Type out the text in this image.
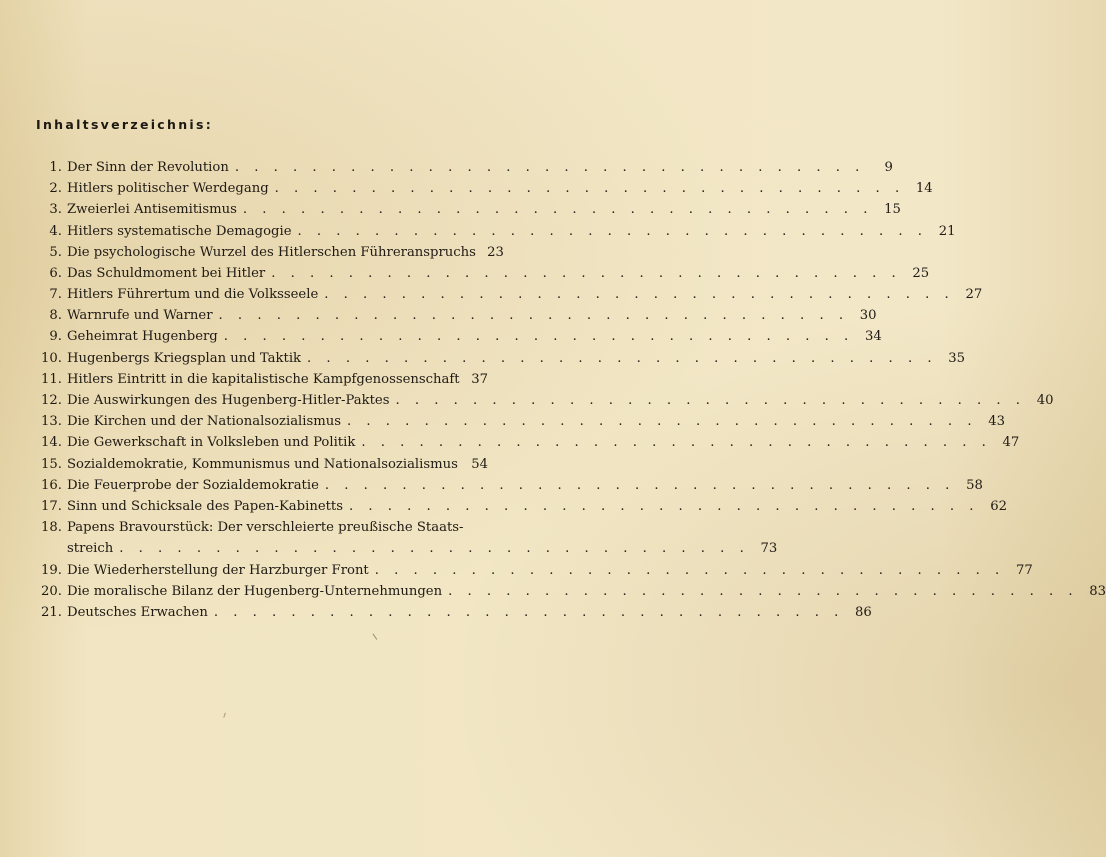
Inhaltsverzeichnis:
1. Der Sinn der Revolution . . . . . . . . . . . . . . . . . . . . . . . . . . . . . . . . .	9
2. Hitlers politischer Werdegang . . . . . . . . . . . . . . . . . . . . . . . . . . . . . . . . . 14
3. Zweierlei Antisemitismus . . . . . . . . . . . . . . . . . . . . . . . . . . . . . . . . . 15
4. Hitlers systematische Demagogie . . . . . . . . . . . . . . . . . . . . . . . . . . . . . . . . . 21
5. Die psychologische Wurzel des Hitlerschen Führeranspruchs 23
6. Das Schuldmoment bei Hitler . . . . . . . . . . . . . . . . . . . . . . . . . . . . . . . . . 25
7. Hitlers Führertum und die Volksseele . . . . . . . . . . . . . . . . . . . . . . . . . . . . . . . . . 27
8. Warnrufe und Warner . . . . . . . . . . . . . . . . . . . . . . . . . . . . . . . . . 30
9. Geheimrat Hugenberg . . . . . . . . . . . . . . . . . . . . . . . . . . . . . . . . . 34
10. Hugenbergs Kriegsplan und Taktik . . . . . . . . . . . . . . . . . . . . . . . . . . . . . . . . . 35
11. Hitlers Eintritt in die kapitalistische Kampfgenossenschaft 37
12. Die Auswirkungen des Hugenberg-Hitler-Paktes . . . . . . . . . . . . . . . . . . . . . . . . . . . . . . . . . 40
13. Die Kirchen und der Nationalsozialismus . . . . . . . . . . . . . . . . . . . . . . . . . . . . . . . . . 43
14. Die Gewerkschaft in Volksleben und Politik . . . . . . . . . . . . . . . . . . . . . . . . . . . . . . . . . 47
15. Sozialdemokratie, Kommunismus und Nationalsozialismus	54
16. Die Feuerprobe der Sozialdemokratie . . . . . . . . . . . . . . . . . . . . . . . . . . . . . . . . . 58
17. Sinn und Schicksale des Papen-Kabinetts . . . . . . . . . . . . . . . . . . . . . . . . . . . . . . . . . 62
18. Papens Bravourstück: Der verschleierte preußische Staats-
streich . . . . . . . . . . . . . . . . . . . . . . . . . . . . . . . . . 73
19. Die Wiederherstellung der Harzburger Front . . . . . . . . . . . . . . . . . . . . . . . . . . . . . . . . . 77
20. Die moralische Bilanz der Hugenberg-Unternehmungen . . . . . . . . . . . . . . . . . . . . . . . . . . . . . . . . . 83
21. Deutsches Erwachen . . . . . . . . . . . . . . . . . . . . . . . . . . . . . . . . . 86
